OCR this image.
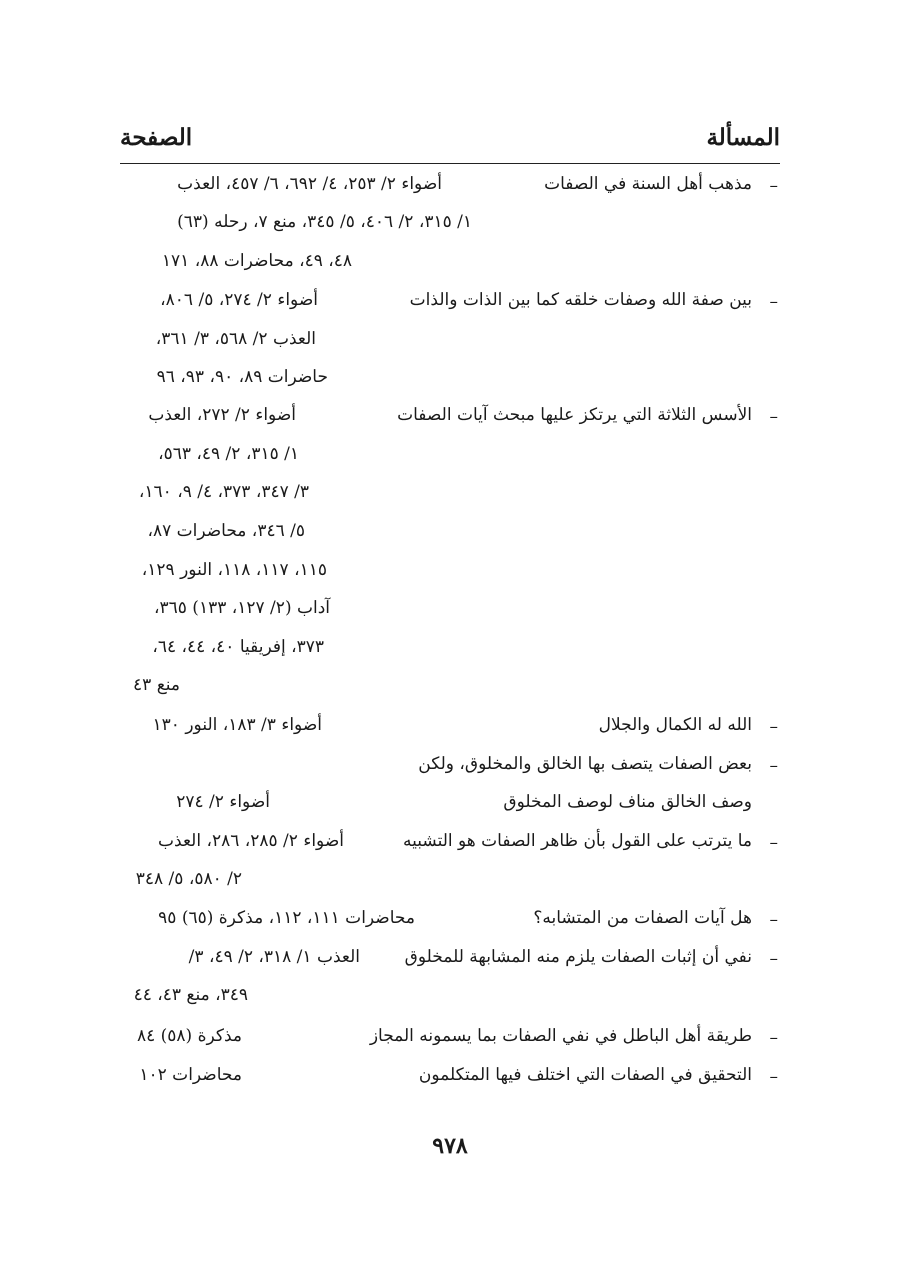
المسألة
الصفحة
–
مذهب أهل السنة في الصفات
أضواء ٢/ ٢٥٣، ٤/ ٦٩٢، ٦/ ٤٥٧، العذب
١/ ٣١٥، ٢/ ٤٠٦، ٥/ ٣٤٥، منع ٧، رحله (٦٣)
٤٨، ٤٩، محاضرات ٨٨، ١٧١
–
بين صفة الله وصفات خلقه كما بين الذات والذات
أضواء ٢/ ٢٧٤، ٥/ ٨٠٦،
العذب ٢/ ٥٦٨، ٣/ ٣٦١،
حاضرات ٨٩، ٩٠، ٩٣، ٩٦
–
الأسس الثلاثة التي يرتكز عليها مبحث آيات الصفات
أضواء ٢/ ٢٧٢، العذب
١/ ٣١٥، ٢/ ٤٩، ٥٦٣،
٣/ ٣٤٧، ٣٧٣، ٤/ ٩، ١٦٠،
٥/ ٣٤٦، محاضرات ٨٧،
١١٥، ١١٧، ١١٨، النور ١٢٩،
آداب (٢/ ١٢٧، ١٣٣) ٣٦٥،
٣٧٣، إفريقيا ٤٠، ٤٤، ٦٤،
منع ٤٣
–
الله له الكمال والجلال
أضواء ٣/ ١٨٣، النور ١٣٠
–
بعض الصفات يتصف بها الخالق والمخلوق، ولكن
وصف الخالق مناف لوصف المخلوق
أضواء ٢/ ٢٧٤
–
ما يترتب على القول بأن ظاهر الصفات هو التشبيه
أضواء ٢/ ٢٨٥، ٢٨٦، العذب
٢/ ٥٨٠، ٥/ ٣٤٨
–
هل آيات الصفات من المتشابه؟
محاضرات ١١١، ١١٢، مذكرة (٦٥) ٩٥
–
نفي أن إثبات الصفات يلزم منه المشابهة للمخلوق
العذب ١/ ٣١٨، ٢/ ٤٩، ٣/
٣٤٩، منع ٤٣، ٤٤
–
طريقة أهل الباطل في نفي الصفات بما يسمونه المجاز
مذكرة (٥٨) ٨٤
–
التحقيق في الصفات التي اختلف فيها المتكلمون
محاضرات ١٠٢
٩٧٨
